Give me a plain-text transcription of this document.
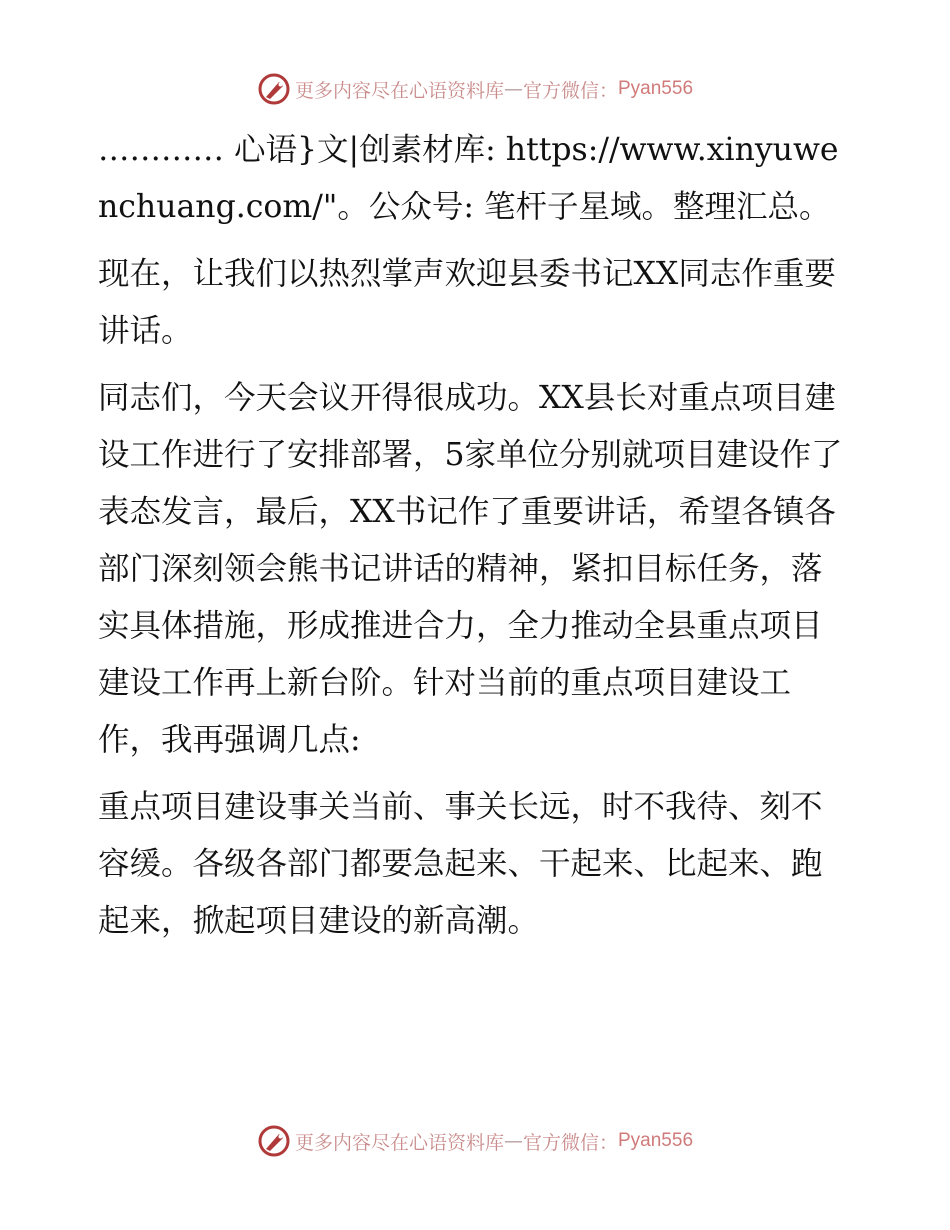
更多内容尽在心语资料库 — 官方微信： Pyan556

………… 心语}文|创素材库: https://www.xinyuwenchuang.com/"。公众号: 笔杆子星域。整理汇总。

现在，让我们以热烈掌声欢迎县委书记XX同志作重要讲话。

同志们，今天会议开得很成功。XX县长对重点项目建设工作进行了安排部署，5家单位分别就项目建设作了表态发言，最后，XX书记作了重要讲话，希望各镇各部门深刻领会熊书记讲话的精神，紧扣目标任务，落实具体措施，形成推进合力，全力推动全县重点项目建设工作再上新台阶。针对当前的重点项目建设工作，我再强调几点:

重点项目建设事关当前、事关长远，时不我待、刻不容缓。各级各部门都要急起来、干起来、比起来、跑起来，掀起项目建设的新高潮。

更多内容尽在心语资料库 — 官方微信： Pyan556
